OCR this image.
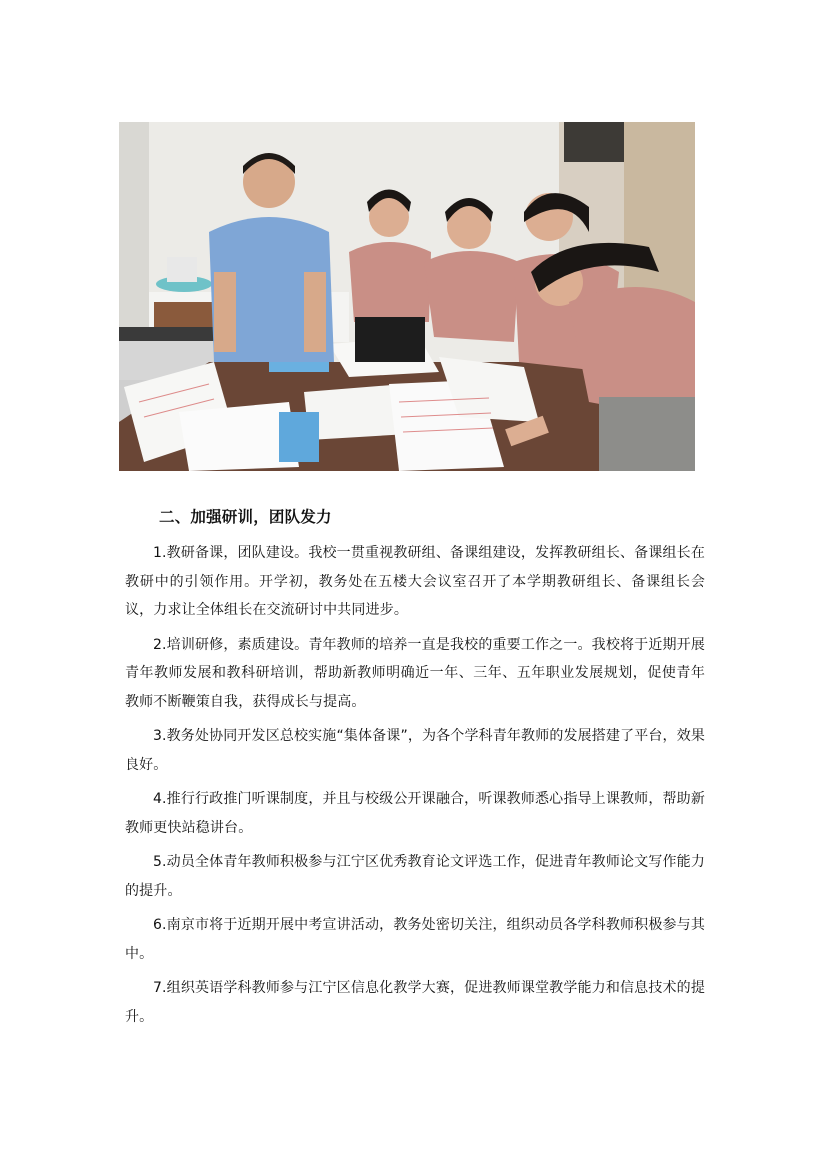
二、加强研训，团队发力

1.教研备课，团队建设。我校一贯重视教研组、备课组建设，发挥教研组长、备课组长在教研中的引领作用。开学初，教务处在五楼大会议室召开了本学期教研组长、备课组长会议，力求让全体组长在交流研讨中共同进步。

2.培训研修，素质建设。青年教师的培养一直是我校的重要工作之一。我校将于近期开展青年教师发展和教科研培训，帮助新教师明确近一年、三年、五年职业发展规划，促使青年教师不断鞭策自我，获得成长与提高。

3.教务处协同开发区总校实施“集体备课”，为各个学科青年教师的发展搭建了平台，效果良好。

4.推行行政推门听课制度，并且与校级公开课融合，听课教师悉心指导上课教师，帮助新教师更快站稳讲台。

5.动员全体青年教师积极参与江宁区优秀教育论文评选工作，促进青年教师论文写作能力的提升。

6.南京市将于近期开展中考宣讲活动，教务处密切关注，组织动员各学科教师积极参与其中。

7.组织英语学科教师参与江宁区信息化教学大赛，促进教师课堂教学能力和信息技术的提升。
